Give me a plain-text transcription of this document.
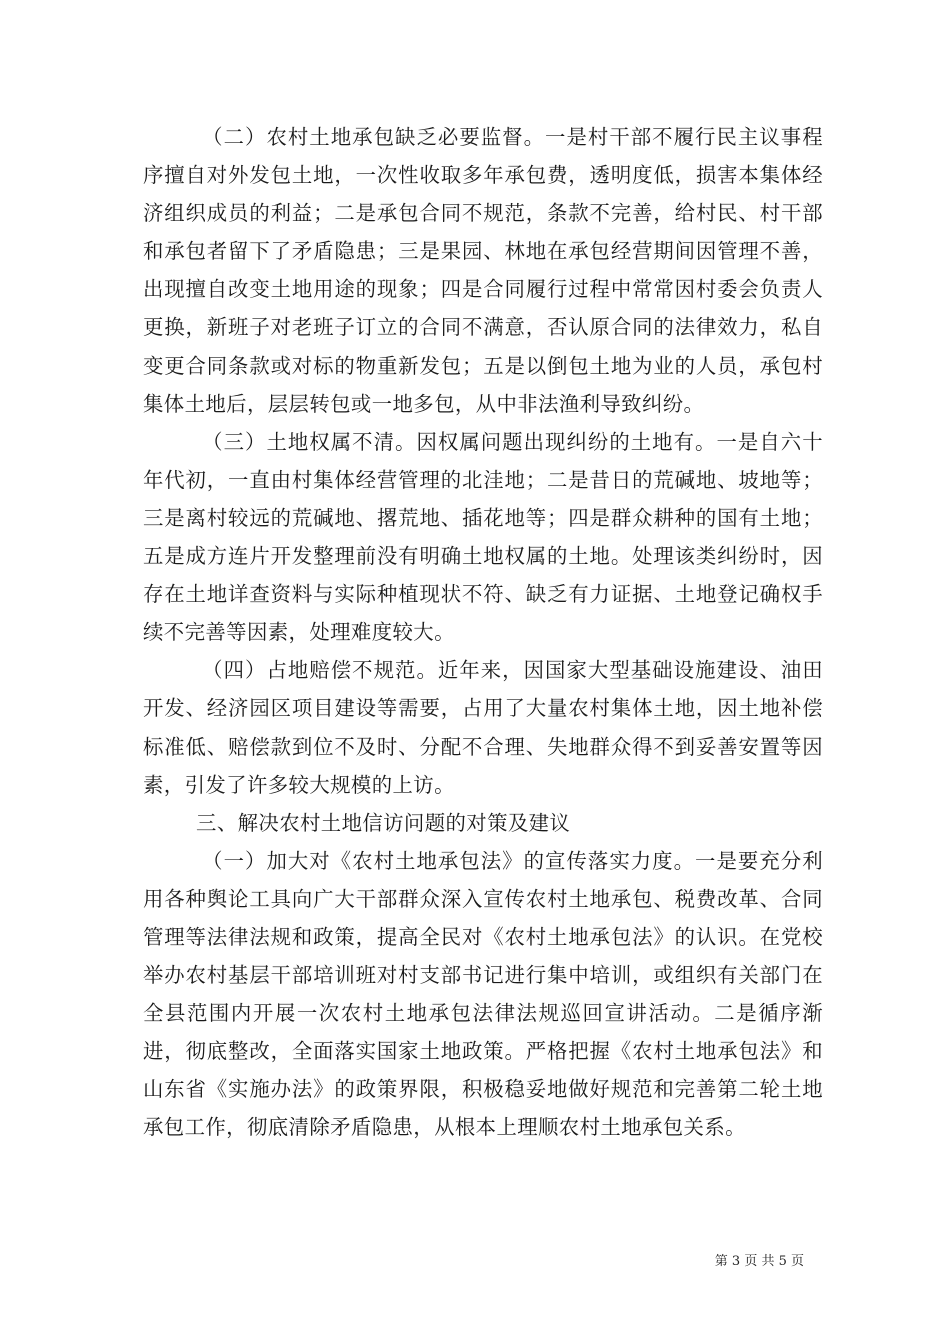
（二）农村土地承包缺乏必要监督。一是村干部不履行民主议事程序擅自对外发包土地，一次性收取多年承包费，透明度低，损害本集体经济组织成员的利益；二是承包合同不规范，条款不完善，给村民、村干部和承包者留下了矛盾隐患；三是果园、林地在承包经营期间因管理不善，出现擅自改变土地用途的现象；四是合同履行过程中常常因村委会负责人更换，新班子对老班子订立的合同不满意，否认原合同的法律效力，私自变更合同条款或对标的物重新发包；五是以倒包土地为业的人员，承包村集体土地后，层层转包或一地多包，从中非法渔利导致纠纷。

（三）土地权属不清。因权属问题出现纠纷的土地有。一是自六十年代初，一直由村集体经营管理的北洼地；二是昔日的荒碱地、坡地等；三是离村较远的荒碱地、撂荒地、插花地等；四是群众耕种的国有土地；五是成方连片开发整理前没有明确土地权属的土地。处理该类纠纷时，因存在土地详查资料与实际种植现状不符、缺乏有力证据、土地登记确权手续不完善等因素，处理难度较大。

（四）占地赔偿不规范。近年来，因国家大型基础设施建设、油田开发、经济园区项目建设等需要，占用了大量农村集体土地，因土地补偿标准低、赔偿款到位不及时、分配不合理、失地群众得不到妥善安置等因素，引发了许多较大规模的上访。

三、解决农村土地信访问题的对策及建议

（一）加大对《农村土地承包法》的宣传落实力度。一是要充分利用各种舆论工具向广大干部群众深入宣传农村土地承包、税费改革、合同管理等法律法规和政策，提高全民对《农村土地承包法》的认识。在党校举办农村基层干部培训班对村支部书记进行集中培训，或组织有关部门在全县范围内开展一次农村土地承包法律法规巡回宣讲活动。二是循序渐进，彻底整改，全面落实国家土地政策。严格把握《农村土地承包法》和山东省《实施办法》的政策界限，积极稳妥地做好规范和完善第二轮土地承包工作，彻底清除矛盾隐患，从根本上理顺农村土地承包关系。

第 3 页 共 5 页
